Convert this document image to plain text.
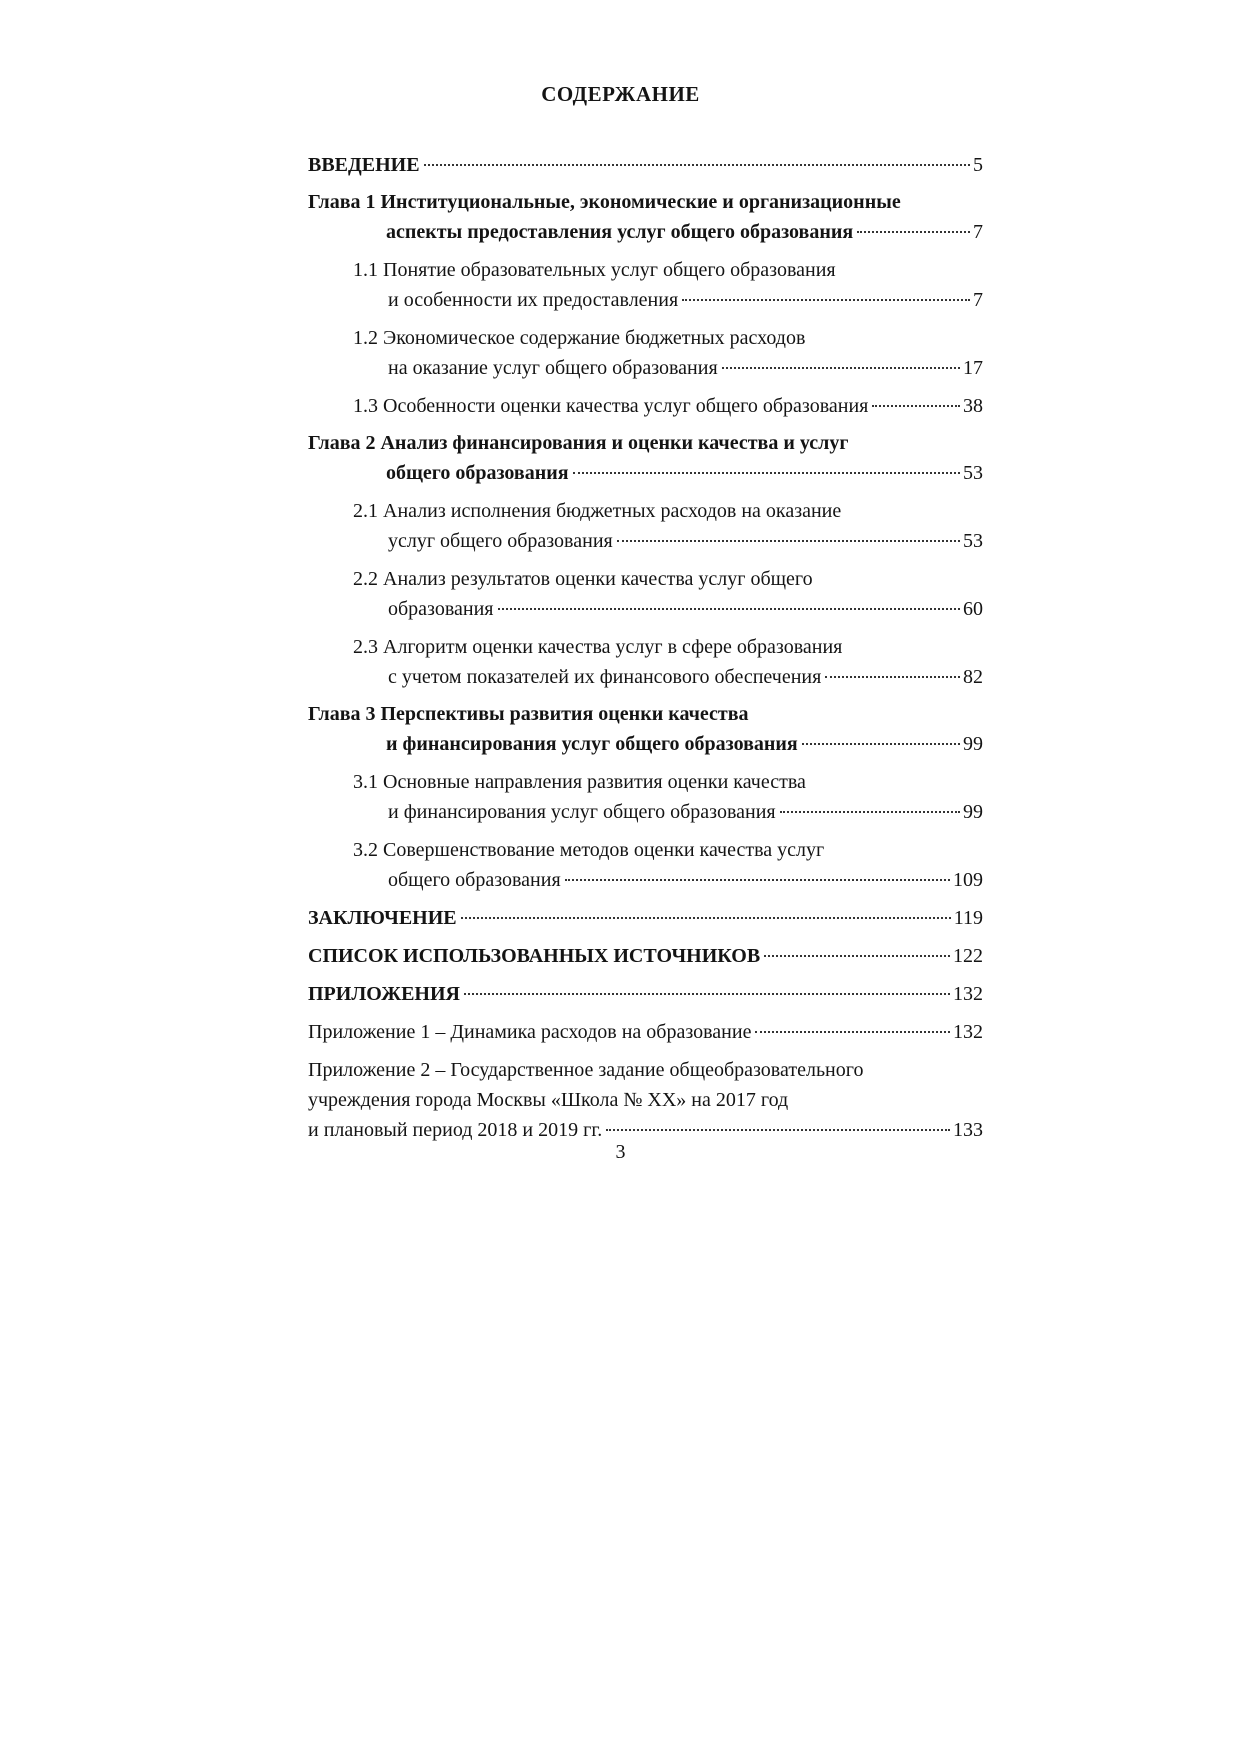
СОДЕРЖАНИЕ
ВВЕДЕНИЕ	5
Глава 1 Институциональные, экономические и организационные
аспекты предоставления услуг общего образования	7
1.1 Понятие образовательных услуг общего образования
и особенности их предоставления	7
1.2 Экономическое содержание бюджетных расходов
на оказание услуг общего образования	17
1.3 Особенности оценки качества услуг общего образования	38
Глава 2 Анализ финансирования и оценки качества и услуг
общего образования	53
2.1 Анализ исполнения бюджетных расходов на оказание
услуг общего образования	53
2.2 Анализ результатов оценки качества услуг общего
образования	60
2.3 Алгоритм оценки качества услуг в сфере образования
с учетом показателей их финансового обеспечения	82
Глава 3 Перспективы развития оценки качества
и финансирования услуг общего образования	99
3.1 Основные направления развития оценки качества
и финансирования услуг общего образования	99
3.2 Совершенствование методов оценки качества услуг
общего образования	109
ЗАКЛЮЧЕНИЕ	119
СПИСОК ИСПОЛЬЗОВАННЫХ ИСТОЧНИКОВ	122
ПРИЛОЖЕНИЯ	132
Приложение 1 – Динамика расходов на образование	132
Приложение 2 – Государственное задание общеобразовательного
учреждения города Москвы «Школа № ХХ» на 2017 год
и плановый период 2018 и 2019 гг.	133
3
